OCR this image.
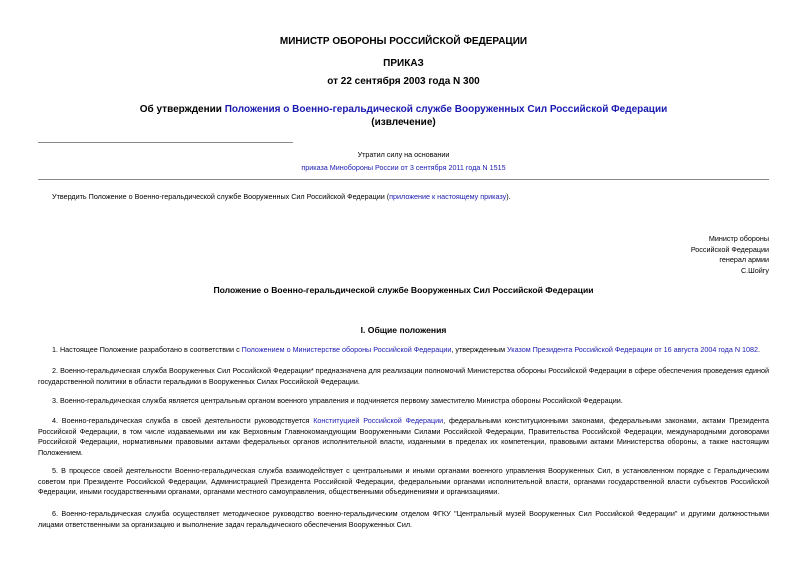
МИНИСТР ОБОРОНЫ РОССИЙСКОЙ ФЕДЕРАЦИИ
ПРИКАЗ
от 22 сентября 2003 года N 300
Об утверждении Положения о Военно-геральдической службе Вооруженных Сил Российской Федерации
(извлечение)
Утратил силу на основании
приказа Минобороны России от 3 сентября 2011 года N 1515
Утвердить Положение о Военно-геральдической службе Вооруженных Сил Российской Федерации (приложение к настоящему приказу).
Министр обороны
Российской Федерации
генерал армии
С.Шойгу
Положение о Военно-геральдической службе Вооруженных Сил Российской Федерации
I. Общие положения
1. Настоящее Положение разработано в соответствии с Положением о Министерстве обороны Российской Федерации, утвержденным Указом Президента Российской Федерации от 16 августа 2004 года N 1082.
2. Военно-геральдическая служба Вооруженных Сил Российской Федерации* предназначена для реализации полномочий Министерства обороны Российской Федерации в сфере обеспечения проведения единой государственной политики в области геральдики в Вооруженных Силах Российской Федерации.
3. Военно-геральдическая служба является центральным органом военного управления и подчиняется первому заместителю Министра обороны Российской Федерации.
4. Военно-геральдическая служба в своей деятельности руководствуется Конституцией Российской Федерации, федеральными конституционными законами, федеральными законами, актами Президента Российской Федерации, в том числе издаваемыми им как Верховным Главнокомандующим Вооруженными Силами Российской Федерации, Правительства Российской Федерации, международными договорами Российской Федерации, нормативными правовыми актами федеральных органов исполнительной власти, изданными в пределах их компетенции, правовыми актами Министерства обороны, а также настоящим Положением.
5. В процессе своей деятельности Военно-геральдическая служба взаимодействует с центральными и иными органами военного управления Вооруженных Сил, в установленном порядке с Геральдическим советом при Президенте Российской Федерации, Администрацией Президента Российской Федерации, федеральными органами исполнительной власти, органами государственной власти субъектов Российской Федерации, иными государственными органами, органами местного самоуправления, общественными объединениями и организациями.
6. Военно-геральдическая служба осуществляет методическое руководство военно-геральдическим отделом ФГКУ "Центральный музей Вооруженных Сил Российской Федерации" и другими должностными лицами ответственными за организацию и выполнение задач геральдического обеспечения Вооруженных Сил.
